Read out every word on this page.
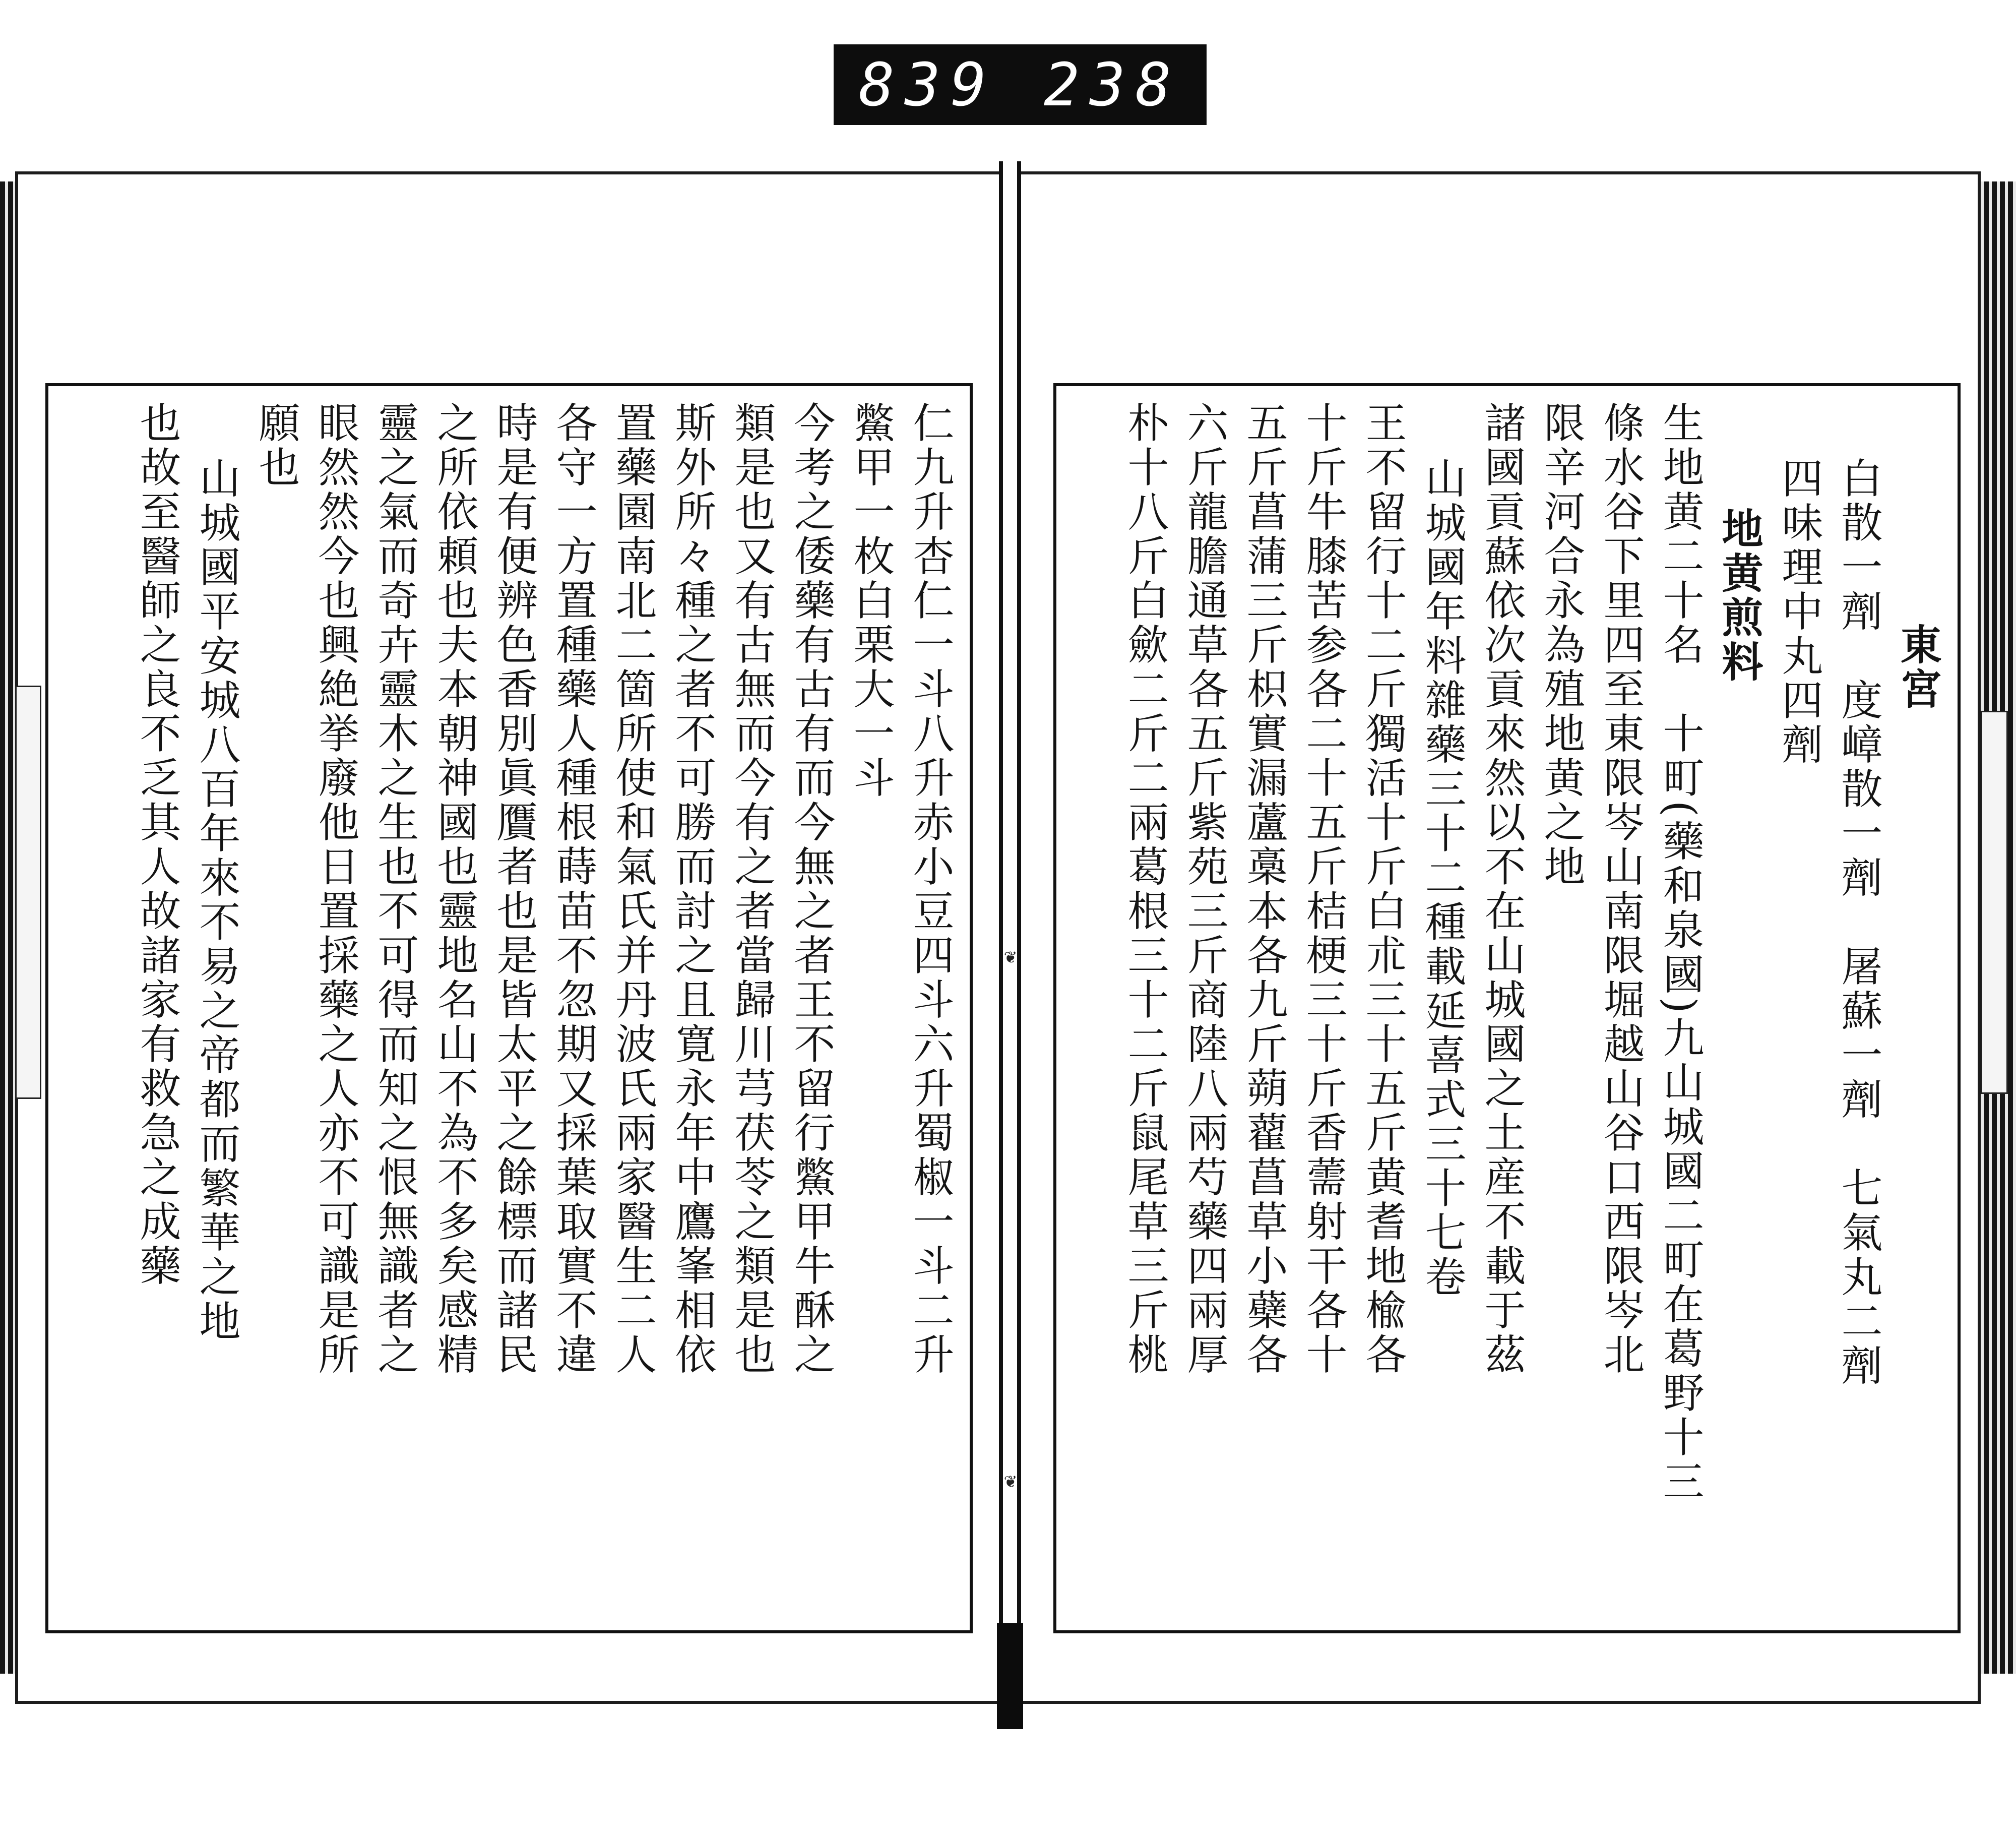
839 238
❦
❦
東宮
白散一劑　度嶂散一劑　屠蘇一劑　七氣丸二劑
四味理中丸四劑
地黄煎料
生地黄二十名　十町(藥和泉國)九山城國二町在葛野十三
條水谷下里四至東限岑山南限堀越山谷口西限岑北
限辛河合永為殖地黄之地
諸國貢蘇依次貢來然以不在山城國之土産不載于茲
山城國年料雜藥三十二種載延喜式三十七卷
王不留行十二斤獨活十斤白朮三十五斤黄耆地楡各
十斤牛膝苦参各二十五斤桔梗三十斤香薷射干各十
五斤菖蒲三斤枳實漏蘆槀本各九斤蒴藋菖草小蘗各
六斤龍膽通草各五斤紫苑三斤商陸八兩芍藥四兩厚
朴十八斤白歛二斤二兩葛根三十二斤鼠尾草三斤桃
仁九升杏仁一斗八升赤小豆四斗六升蜀椒一斗二升
鱉甲一枚白栗大一斗
今考之倭藥有古有而今無之者王不留行鱉甲牛酥之
類是也又有古無而今有之者當歸川芎茯苓之類是也
斯外所々種之者不可勝而討之且寛永年中鷹峯相依
置藥園南北二箇所使和氣氏并丹波氏兩家醫生二人
各守一方置種藥人種根蒔苗不忽期又採葉取實不違
時是有便辨色香別眞贋者也是皆太平之餘標而諸民
之所依頼也夫本朝神國也靈地名山不為不多矣感精
靈之氣而奇卉靈木之生也不可得而知之恨無識者之
眼然然今也興絶挙廢他日置採藥之人亦不可識是所
願也
山城國平安城八百年來不易之帝都而繁華之地
也故至醫師之良不乏其人故諸家有救急之成藥
